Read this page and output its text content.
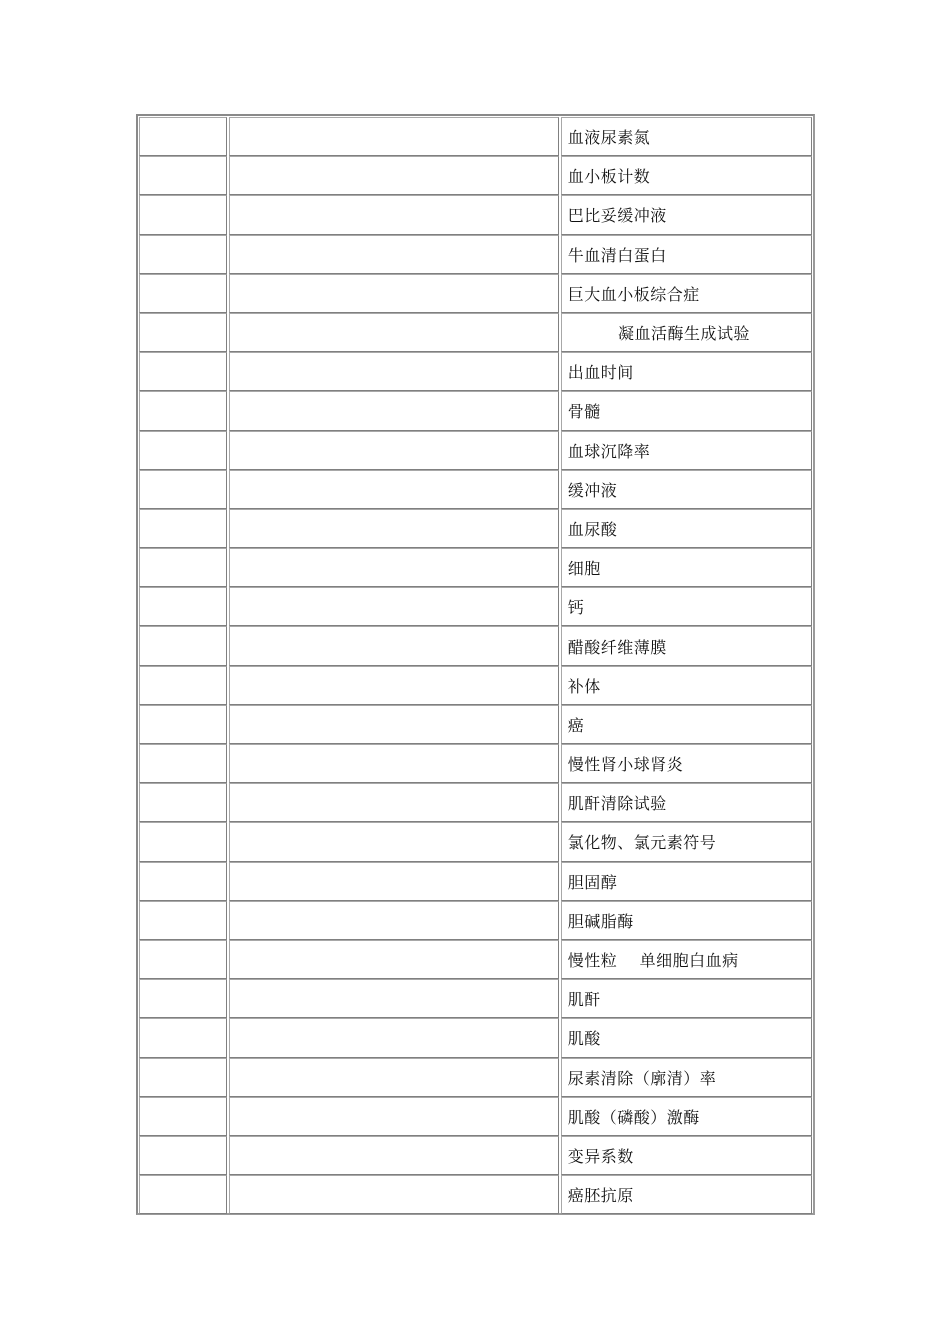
血液尿素氮
血小板计数
巴比妥缓冲液
牛血清白蛋白
巨大血小板综合症
凝血活酶生成试验
出血时间
骨髓
血球沉降率
缓冲液
血尿酸
细胞
钙
醋酸纤维薄膜
补体
癌
慢性肾小球肾炎
肌酐清除试验
氯化物、氯元素符号
胆固醇
胆碱脂酶
慢性粒    单细胞白血病
肌酐
肌酸
尿素清除（廓清）率
肌酸（磷酸）激酶
变异系数
癌胚抗原
